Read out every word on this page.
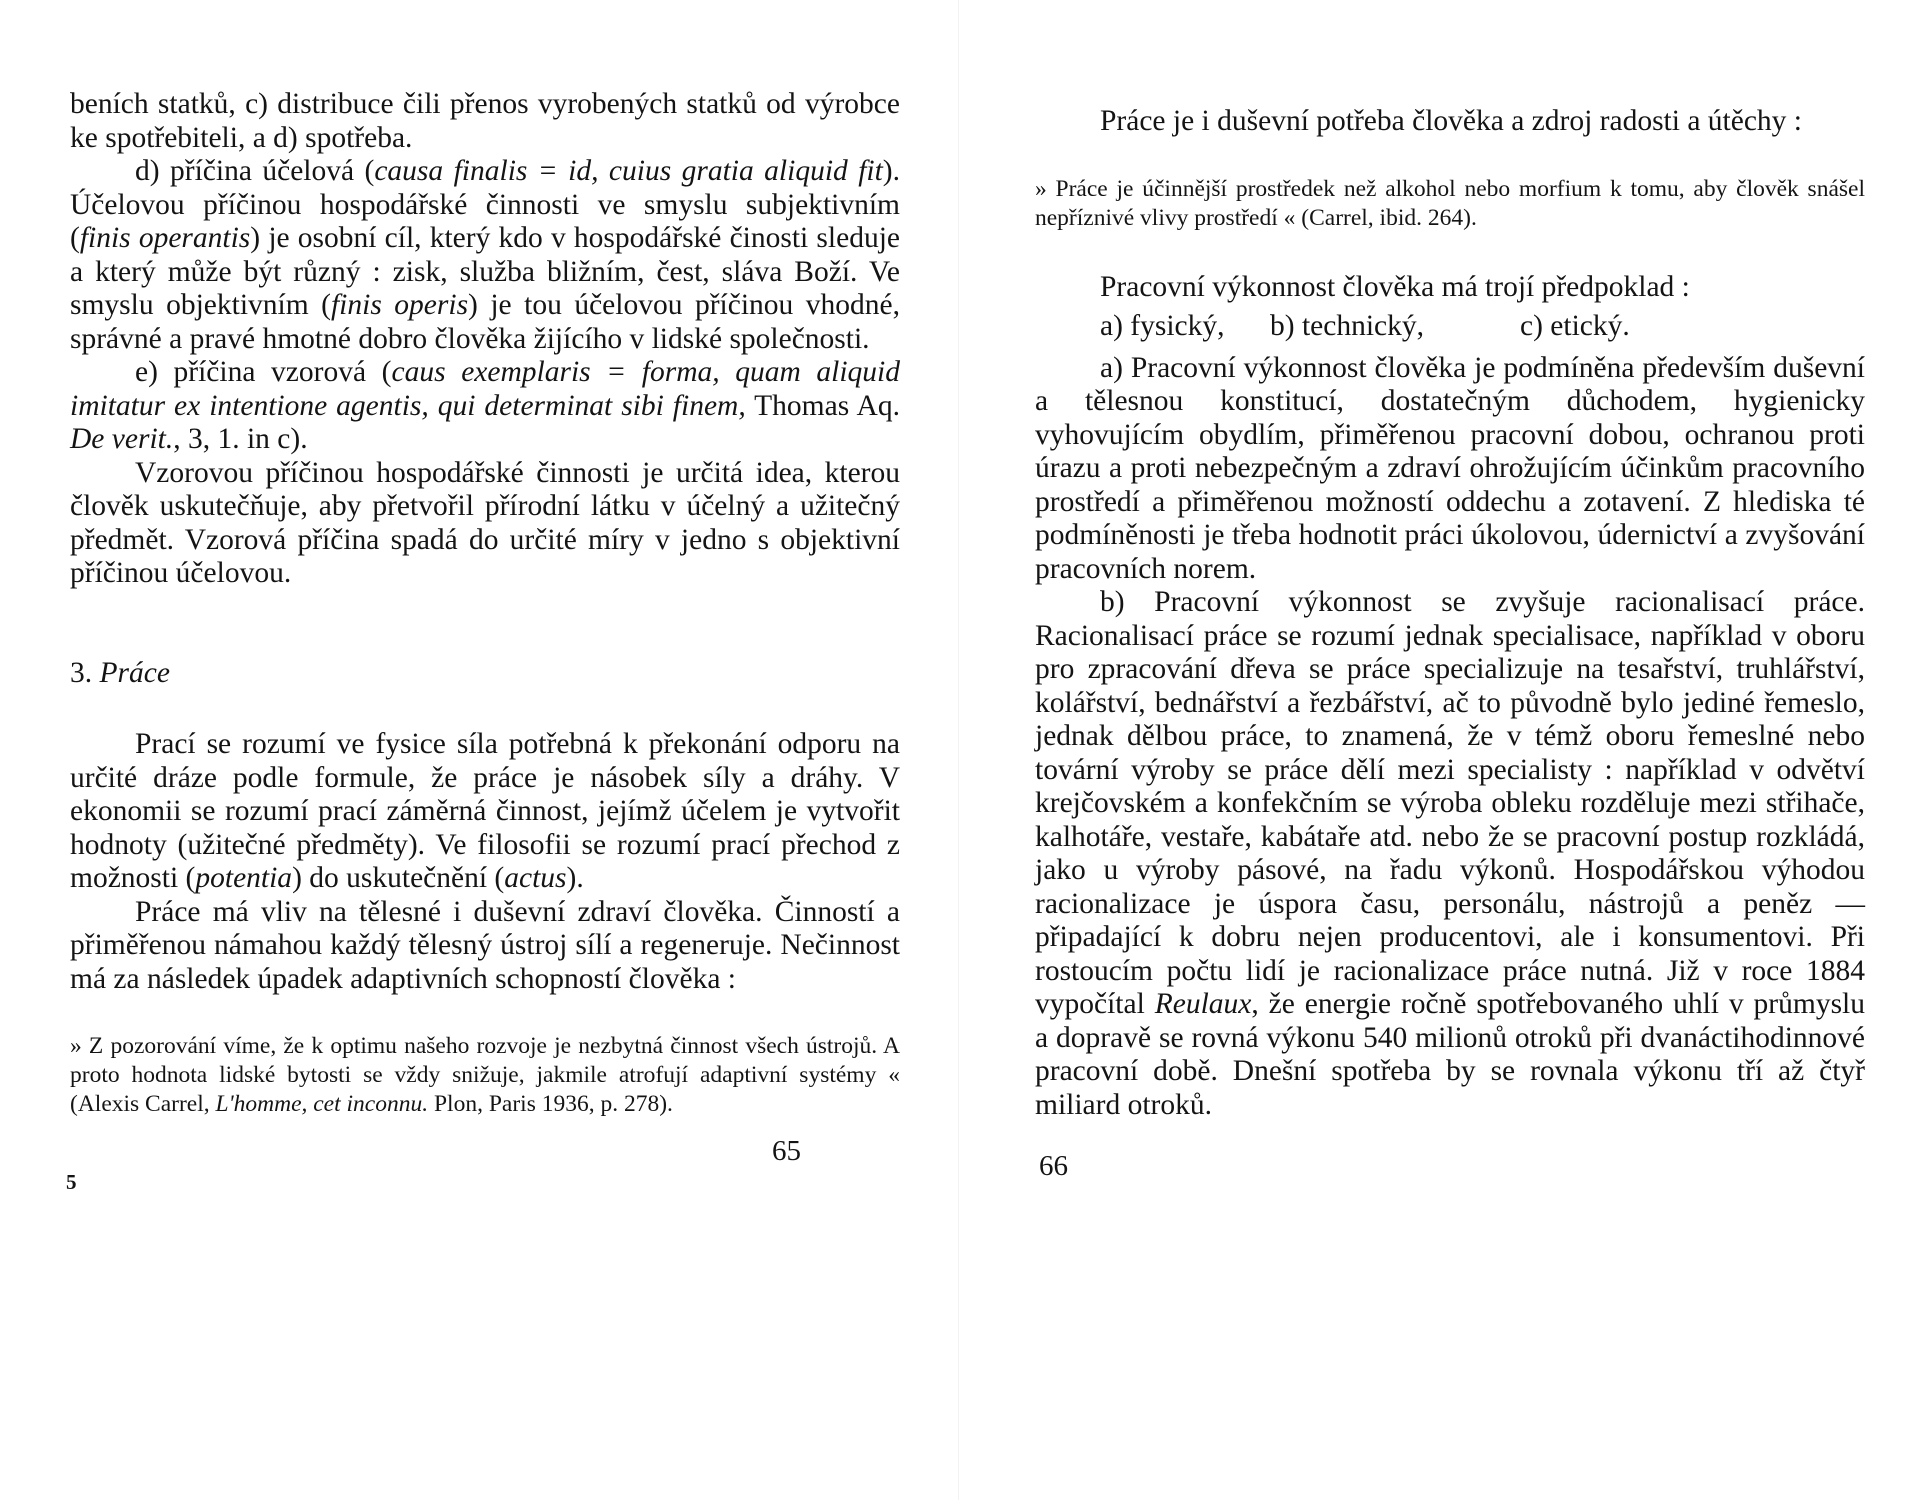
beních statků, c) distribuce čili přenos vyrobených statků od výrobce ke spotřebiteli, a d) spotřeba.

d) příčina účelová (causa finalis = id, cuius gratia aliquid fit). Účelovou příčinou hospodářské činnosti ve smyslu subjektivním (finis operantis) je osobní cíl, který kdo v hospodářské činosti sleduje a který může být různý : zisk, služba bližním, čest, sláva Boží. Ve smyslu objektivním (finis operis) je tou účelovou příčinou vhodné, správné a pravé hmotné dobro člověka žijícího v lidské společnosti.

e) příčina vzorová (caus exemplaris = forma, quam aliquid imitatur ex intentione agentis, qui determinat sibi finem, Thomas Aq. De verit., 3, 1. in c).

Vzorovou příčinou hospodářské činnosti je určitá idea, kterou člověk uskutečňuje, aby přetvořil přírodní látku v účelný a užitečný předmět. Vzorová příčina spadá do určité míry v jedno s objektivní příčinou účelovou.

3. Práce

Prací se rozumí ve fysice síla potřebná k překonání odporu na určité dráze podle formule, že práce je násobek síly a dráhy. V ekonomii se rozumí prací záměrná činnost, jejímž účelem je vytvořit hodnoty (užitečné předměty). Ve filosofii se rozumí prací přechod z možnosti (potentia) do uskutečnění (actus).

Práce má vliv na tělesné i duševní zdraví člověka. Činností a přiměřenou námahou každý tělesný ústroj sílí a regeneruje. Nečinnost má za následek úpadek adaptivních schopností člověka :

» Z pozorování víme, že k optimu našeho rozvoje je nezbytná činnost všech ústrojů. A proto hodnota lidské bytosti se vždy snižuje, jakmile atrofují adaptivní systémy « (Alexis Carrel, L'homme, cet inconnu. Plon, Paris 1936, p. 278).

65
5

Práce je i duševní potřeba člověka a zdroj radosti a útěchy :

» Práce je účinnější prostředek než alkohol nebo morfium k tomu, aby člověk snášel nepříznivé vlivy prostředí « (Carrel, ibid. 264).

Pracovní výkonnost člověka má trojí předpoklad :

a) fysický,	b) technický,	c) etický.

a) Pracovní výkonnost člověka je podmíněna především duševní a tělesnou konstitucí, dostatečným důchodem, hygienicky vyhovujícím obydlím, přiměřenou pracovní dobou, ochranou proti úrazu a proti nebezpečným a zdraví ohrožujícím účinkům pracovního prostředí a přiměřenou možností oddechu a zotavení. Z hlediska té podmíněnosti je třeba hodnotit práci úkolovou, údernictví a zvyšování pracovních norem.

b) Pracovní výkonnost se zvyšuje racionalisací práce. Racionalisací práce se rozumí jednak specialisace, například v oboru pro zpracování dřeva se práce specializuje na tesařství, truhlářství, kolářství, bednářství a řezbářství, ač to původně bylo jediné řemeslo, jednak dělbou práce, to znamená, že v témž oboru řemeslné nebo tovární výroby se práce dělí mezi specialisty : například v odvětví krejčovském a konfekčním se výroba obleku rozděluje mezi střihače, kalhotáře, vestaře, kabátaře atd. nebo že se pracovní postup rozkládá, jako u výroby pásové, na řadu výkonů. Hospodářskou výhodou racionalizace je úspora času, personálu, nástrojů a peněz — připadající k dobru nejen producentovi, ale i konsumentovi. Při rostoucím počtu lidí je racionalizace práce nutná. Již v roce 1884 vypočítal Reulaux, že energie ročně spotřebovaného uhlí v průmyslu a dopravě se rovná výkonu 540 milionů otroků při dvanáctihodinnové pracovní době. Dnešní spotřeba by se rovnala výkonu tří až čtyř miliard otroků.

66
